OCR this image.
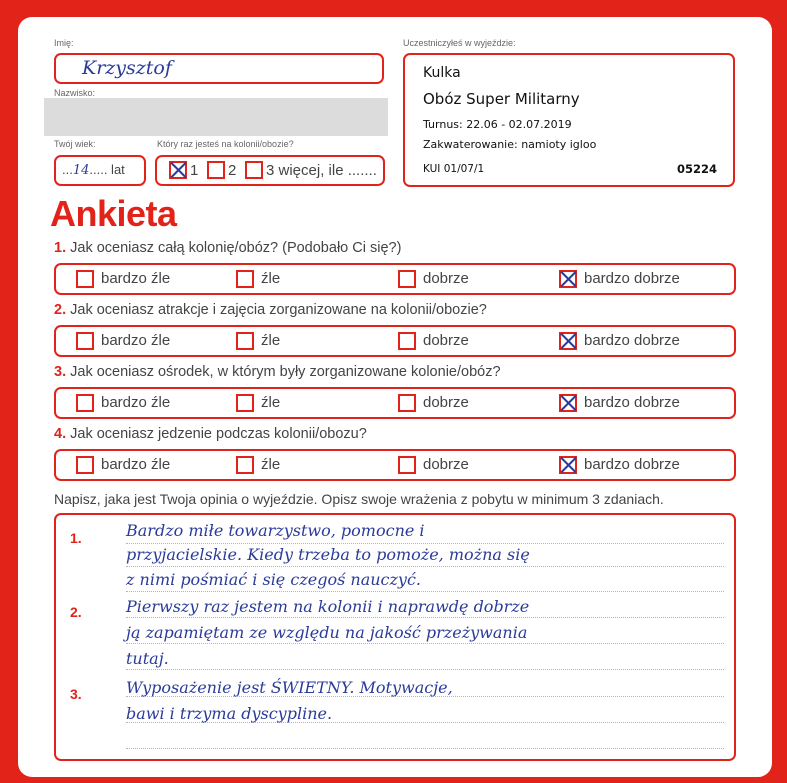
Imię:
Krzysztof
Nazwisko:
Twój wiek:
...14..... lat
Który raz jesteś na kolonii/obozie?
1 2 3 więcej, ile .......
Uczestniczyłeś w wyjeździe:
Kulka
Obóz Super Militarny
Turnus: 22.06 - 02.07.2019
Zakwaterowanie: namioty igloo
KUI 01/07/1	05224
Ankieta
1. Jak oceniasz całą kolonię/obóz? (Podobało Ci się?)
bardzo źle	źle	dobrze	bardzo dobrze
2. Jak oceniasz atrakcje i zajęcia zorganizowane na kolonii/obozie?
bardzo źle	źle	dobrze	bardzo dobrze
3. Jak oceniasz ośrodek, w którym były zorganizowane kolonie/obóz?
bardzo źle	źle	dobrze	bardzo dobrze
4. Jak oceniasz jedzenie podczas kolonii/obozu?
bardzo źle	źle	dobrze	bardzo dobrze
Napisz, jaka jest Twoja opinia o wyjeździe. Opisz swoje wrażenia z pobytu w minimum 3 zdaniach.
1.
2.
3.
Bardzo miłe towarzystwo, pomocne i
przyjacielskie. Kiedy trzeba to pomoże, można się
z nimi pośmiać i się czegoś nauczyć.
Pierwszy raz jestem na kolonii i naprawdę dobrze
ją zapamiętam ze względu na jakość przeżywania
tutaj.
Wyposażenie jest ŚWIETNY. Motywacje,
bawi i trzyma dyscypline.
